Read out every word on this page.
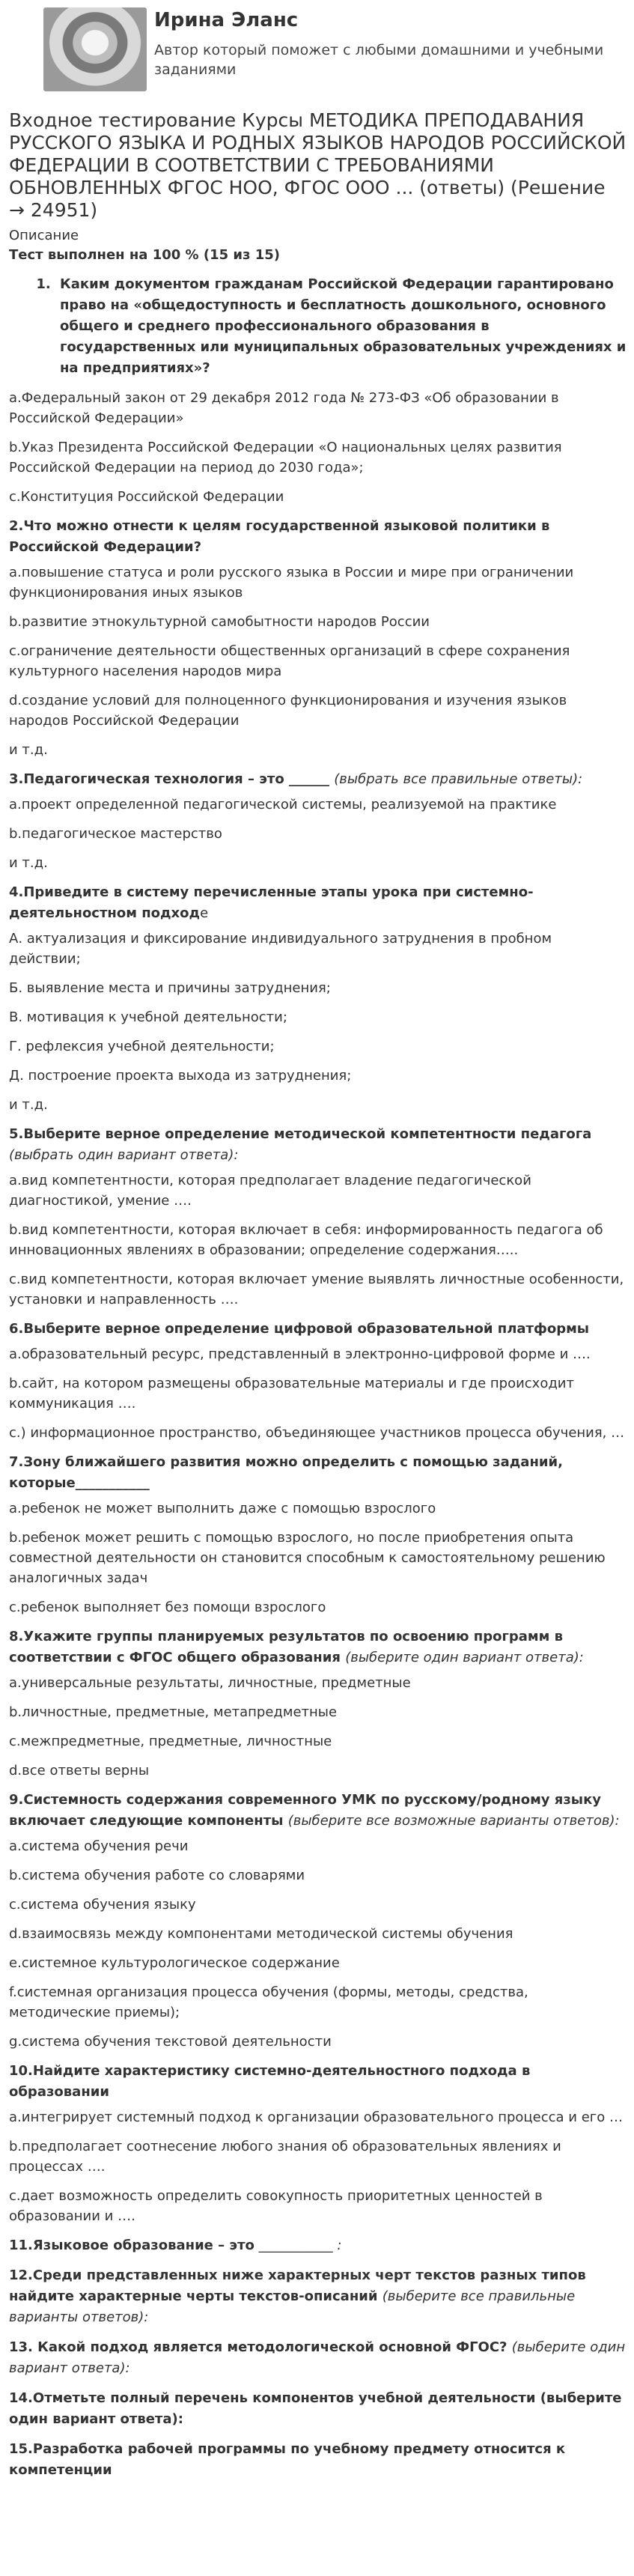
Ирина Эланс
Автор который поможет с любыми домашними и учебными заданиями
Входное тестирование Курсы МЕТОДИКА ПРЕПОДАВАНИЯ РУССКОГО ЯЗЫКА И РОДНЫХ ЯЗЫКОВ НАРОДОВ РОССИЙСКОЙ ФЕДЕРАЦИИ В СООТВЕТСТВИИ С ТРЕБОВАНИЯМИ ОБНОВЛЕННЫХ ФГОС НОО, ФГОС ООО ... (ответы) (Решение → 24951)

Описание

Тест выполнен на 100 % (15 из 15)

1. Каким документом гражданам Российской Федерации гарантировано право на «общедоступность и бесплатность дошкольного, основного общего и среднего профессионального образования в государственных или муниципальных образовательных учреждениях и на предприятиях»?

a.Федеральный закон от 29 декабря 2012 года № 273-ФЗ «Об образовании в Российской Федерации»

b.Указ Президента Российской Федерации «О национальных целях развития Российской Федерации на период до 2030 года»;

c.Конституция Российской Федерации

2.Что можно отнести к целям государственной языковой политики в Российской Федерации?

a.повышение статуса и роли русского языка в России и мире при ограничении функционирования иных языков

b.развитие этнокультурной самобытности народов России

c.ограничение деятельности общественных организаций в сфере сохранения культурного населения народов мира

d.создание условий для полноценного функционирования и изучения языков народов Российской Федерации

и т.д.

3.Педагогическая технология – это ______ (выбрать все правильные ответы):

a.проект определенной педагогической системы, реализуемой на практике

b.педагогическое мастерство

и т.д.

4.Приведите в систему перечисленные этапы урока при системно-деятельностном подходе

А. актуализация и фиксирование индивидуального затруднения в пробном действии;

Б. выявление места и причины затруднения;

В. мотивация к учебной деятельности;

Г. рефлексия учебной деятельности;

Д. построение проекта выхода из затруднения;

и т.д.

5.Выберите верное определение методической компетентности педагога
(выбрать один вариант ответа):

a.вид компетентности, которая предполагает владение педагогической диагностикой, умение ….

b.вид компетентности, которая включает в себя: информированность педагога об инновационных явлениях в образовании; определение содержания…..

c.вид компетентности, которая включает умение выявлять личностные особенности, установки и направленность ….

6.Выберите верное определение цифровой образовательной платформы

a.образовательный ресурс, представленный в электронно-цифровой форме и ….

b.сайт, на котором размещены образовательные материалы и где происходит коммуникация ….

c.) информационное пространство, объединяющее участников процесса обучения, …

7.Зону ближайшего развития можно определить с помощью заданий, которые___________

a.ребенок не может выполнить даже с помощью взрослого

b.ребенок может решить с помощью взрослого, но после приобретения опыта совместной деятельности он становится способным к самостоятельному решению аналогичных задач

c.ребенок выполняет без помощи взрослого

8.Укажите группы планируемых результатов по освоению программ в соответствии с ФГОС общего образования (выберите один вариант ответа):

a.универсальные результаты, личностные, предметные

b.личностные, предметные, метапредметные

c.межпредметные, предметные, личностные

d.все ответы верны

9.Системность содержания современного УМК по русскому/родному языку включает следующие компоненты (выберите все возможные варианты ответов):

a.система обучения речи

b.система обучения работе со словарями

c.система обучения языку

d.взаимосвязь между компонентами методической системы обучения

e.системное культурологическое содержание

f.системная организация процесса обучения (формы, методы, средства, методические приемы);

g.система обучения текстовой деятельности

10.Найдите характеристику системно-деятельностного подхода в образовании

a.интегрирует системный подход к организации образовательного процесса и его …

b.предполагает соотнесение любого знания об образовательных явлениях и процессах ….

c.дает возможность определить совокупность приоритетных ценностей в образовании и ….

11.Языковое образование – это ___________ :

12.Среди представленных ниже характерных черт текстов разных типов найдите характерные черты текстов-описаний (выберите все правильные варианты ответов):

13. Какой подход является методологической основной ФГОС? (выберите один вариант ответа):

14.Отметьте полный перечень компонентов учебной деятельности (выберите один вариант ответа):

15.Разработка рабочей программы по учебному предмету относится к компетенции
